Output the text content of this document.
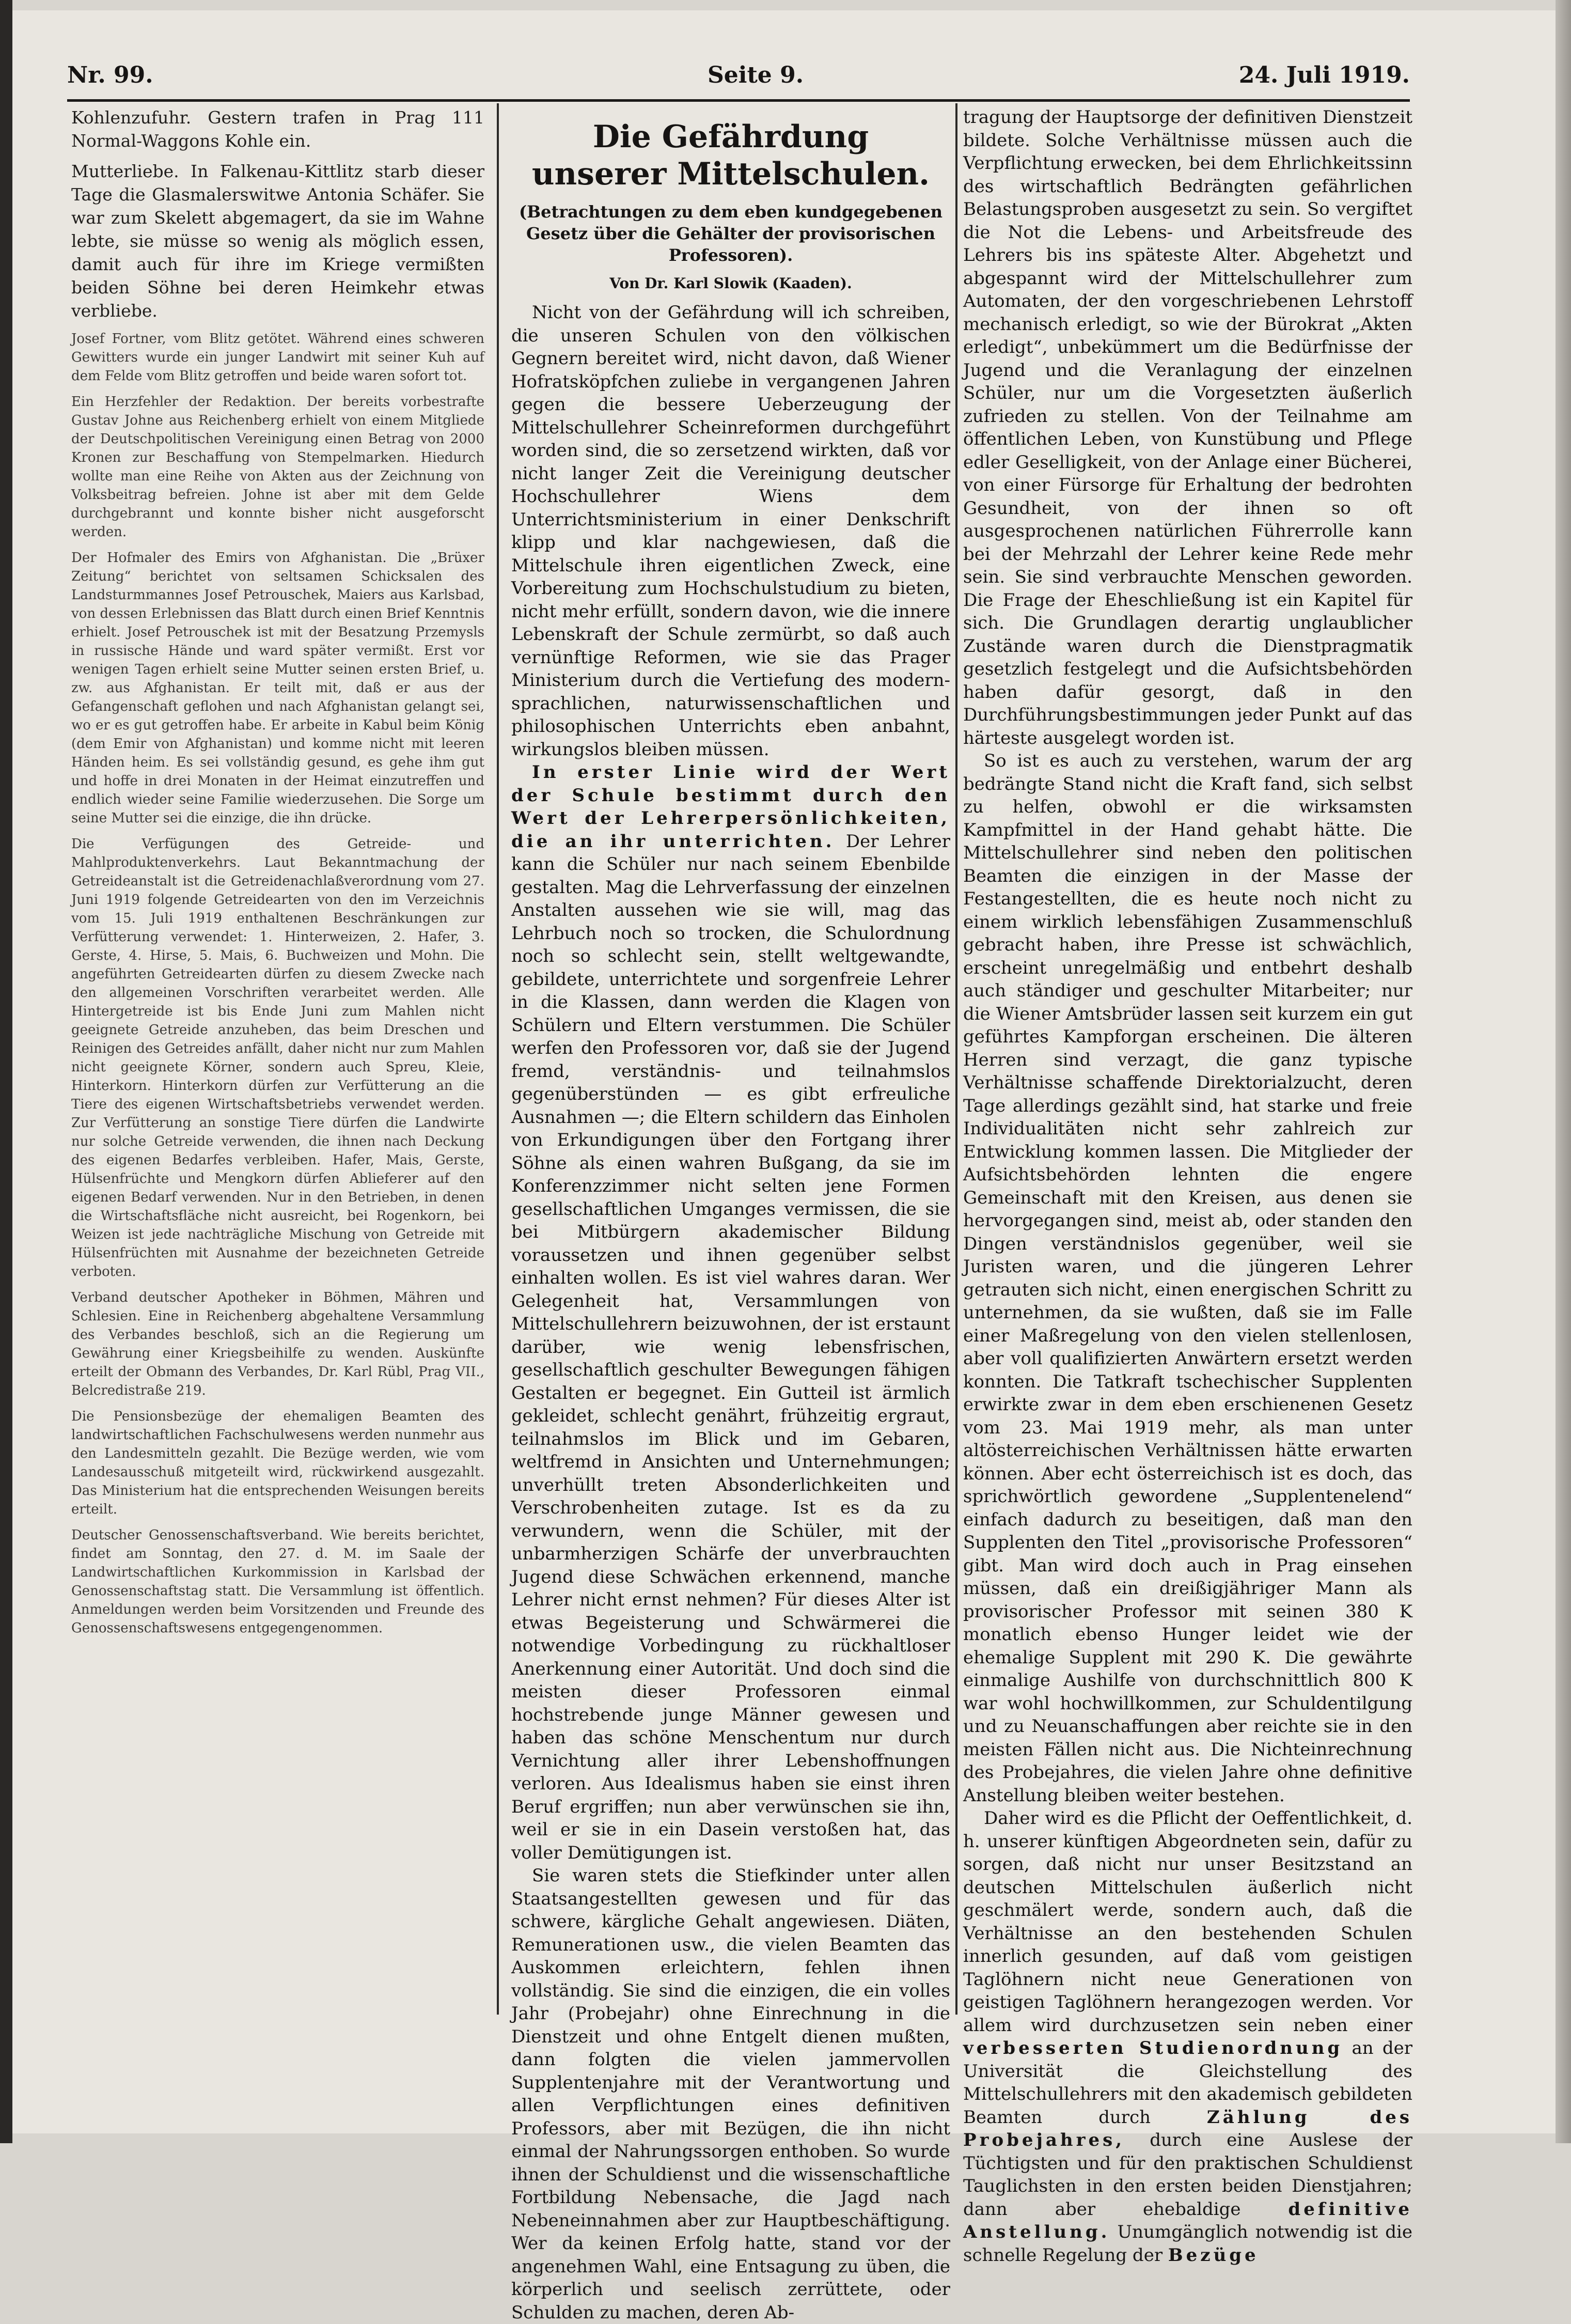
Nr. 99.	Seite 9.	24. Juli 1919.

Kohlenzufuhr. Gestern trafen in Prag 111 Normal-Waggons Kohle ein.

Mutterliebe. In Falkenau-Kittlitz starb dieser Tage die Glasmalerswitwe Antonia Schäfer. Sie war zum Skelett abgemagert, da sie im Wahne lebte, sie müsse so wenig als möglich essen, damit auch für ihre im Kriege vermißten beiden Söhne bei deren Heimkehr etwas verbliebe.

Josef Fortner, vom Blitz getötet. Während eines schweren Gewitters wurde ein junger Landwirt mit seiner Kuh auf dem Felde vom Blitz getroffen und beide waren sofort tot.

Ein Herzfehler der Redaktion. Der bereits vorbestrafte Gustav Johne aus Reichenberg erhielt von einem Mitgliede der Deutschpolitischen Vereinigung einen Betrag von 2000 Kronen zur Beschaffung von Stempelmarken. Hiedurch wollte man eine Reihe von Akten aus der Zeichnung von Volksbeitrag befreien. Johne ist aber mit dem Gelde durchgebrannt und konnte bisher nicht ausgeforscht werden.

Der Hofmaler des Emirs von Afghanistan. Die „Brüxer Zeitung“ berichtet von seltsamen Schicksalen des Landsturmmannes Josef Petrouschek, Maiers aus Karlsbad, von dessen Erlebnissen das Blatt durch einen Brief Kenntnis erhielt. Josef Petrouschek ist mit der Besatzung Przemysls in russische Hände und ward später vermißt. Erst vor wenigen Tagen erhielt seine Mutter seinen ersten Brief, u. zw. aus Afghanistan. Er teilt mit, daß er aus der Gefangenschaft geflohen und nach Afghanistan gelangt sei, wo er es gut getroffen habe. Er arbeite in Kabul beim König (dem Emir von Afghanistan) und komme nicht mit leeren Händen heim. Es sei vollständig gesund, es gehe ihm gut und hoffe in drei Monaten in der Heimat einzutreffen und endlich wieder seine Familie wiederzusehen. Die Sorge um seine Mutter sei die einzige, die ihn drücke.

Die Verfügungen des Getreide- und Mahlproduktenverkehrs. Laut Bekanntmachung der Getreideanstalt ist die Getreidenachlaßverordnung vom 27. Juni 1919 folgende Getreidearten von den im Verzeichnis vom 15. Juli 1919 enthaltenen Beschränkungen zur Verfütterung verwendet: 1. Hinterweizen, 2. Hafer, 3. Gerste, 4. Hirse, 5. Mais, 6. Buchweizen und Mohn. Die angeführten Getreidearten dürfen zu diesem Zwecke nach den allgemeinen Vorschriften verarbeitet werden. Alle Hintergetreide ist bis Ende Juni zum Mahlen nicht geeignete Getreide anzuheben, das beim Dreschen und Reinigen des Getreides anfällt, daher nicht nur zum Mahlen nicht geeignete Körner, sondern auch Spreu, Kleie, Hinterkorn. Hinterkorn dürfen zur Verfütterung an die Tiere des eigenen Wirtschaftsbetriebs verwendet werden. Zur Verfütterung an sonstige Tiere dürfen die Landwirte nur solche Getreide verwenden, die ihnen nach Deckung des eigenen Bedarfes verbleiben. Hafer, Mais, Gerste, Hülsenfrüchte und Mengkorn dürfen Ablieferer auf den eigenen Bedarf verwenden. Nur in den Betrieben, in denen die Wirtschaftsfläche nicht ausreicht, bei Rogenkorn, bei Weizen ist jede nachträgliche Mischung von Getreide mit Hülsenfrüchten mit Ausnahme der bezeichneten Getreide verboten.

Verband deutscher Apotheker in Böhmen, Mähren und Schlesien. Eine in Reichenberg abgehaltene Versammlung des Verbandes beschloß, sich an die Regierung um Gewährung einer Kriegsbeihilfe zu wenden. Auskünfte erteilt der Obmann des Verbandes, Dr. Karl Rübl, Prag VII., Belcredistraße 219.

Die Pensionsbezüge der ehemaligen Beamten des landwirtschaftlichen Fachschulwesens werden nunmehr aus den Landesmitteln gezahlt. Die Bezüge werden, wie vom Landesausschuß mitgeteilt wird, rückwirkend ausgezahlt. Das Ministerium hat die entsprechenden Weisungen bereits erteilt.

Deutscher Genossenschaftsverband. Wie bereits berichtet, findet am Sonntag, den 27. d. M. im Saale der Landwirtschaftlichen Kurkommission in Karlsbad der Genossenschaftstag statt. Die Versammlung ist öffentlich. Anmeldungen werden beim Vorsitzenden und Freunde des Genossenschaftswesens entgegengenommen.

Die Gefährdung
unserer Mittelschulen.
(Betrachtungen zu dem eben kundgegebenen Gesetz über die Gehälter der provisorischen Professoren).
Von Dr. Karl Slowik (Kaaden).

Nicht von der Gefährdung will ich schreiben, die unseren Schulen von den völkischen Gegnern bereitet wird, nicht davon, daß Wiener Hofratsköpfchen zuliebe in vergangenen Jahren gegen die bessere Ueberzeugung der Mittelschullehrer Scheinreformen durchgeführt worden sind, die so zersetzend wirkten, daß vor nicht langer Zeit die Vereinigung deutscher Hochschullehrer Wiens dem Unterrichtsministerium in einer Denkschrift klipp und klar nachgewiesen, daß die Mittelschule ihren eigentlichen Zweck, eine Vorbereitung zum Hochschulstudium zu bieten, nicht mehr erfüllt, sondern davon, wie die innere Lebenskraft der Schule zermürbt, so daß auch vernünftige Reformen, wie sie das Prager Ministerium durch die Vertiefung des modern-sprachlichen, naturwissenschaftlichen und philosophischen Unterrichts eben anbahnt, wirkungslos bleiben müssen.

In erster Linie wird der Wert der Schule bestimmt durch den Wert der Lehrerpersönlichkeiten, die an ihr unterrichten. Der Lehrer kann die Schüler nur nach seinem Ebenbilde gestalten. Mag die Lehrverfassung der einzelnen Anstalten aussehen wie sie will, mag das Lehrbuch noch so trocken, die Schulordnung noch so schlecht sein, stellt weltgewandte, gebildete, unterrichtete und sorgenfreie Lehrer in die Klassen, dann werden die Klagen von Schülern und Eltern verstummen. Die Schüler werfen den Professoren vor, daß sie der Jugend fremd, verständnis- und teilnahmslos gegenüberstünden — es gibt erfreuliche Ausnahmen —; die Eltern schildern das Einholen von Erkundigungen über den Fortgang ihrer Söhne als einen wahren Bußgang, da sie im Konferenzzimmer nicht selten jene Formen gesellschaftlichen Umganges vermissen, die sie bei Mitbürgern akademischer Bildung voraussetzen und ihnen gegenüber selbst einhalten wollen. Es ist viel wahres daran. Wer Gelegenheit hat, Versammlungen von Mittelschullehrern beizuwohnen, der ist erstaunt darüber, wie wenig lebensfrischen, gesellschaftlich geschulter Bewegungen fähigen Gestalten er begegnet. Ein Gutteil ist ärmlich gekleidet, schlecht genährt, frühzeitig ergraut, teilnahmslos im Blick und im Gebaren, weltfremd in Ansichten und Unternehmungen; unverhüllt treten Absonderlichkeiten und Verschrobenheiten zutage. Ist es da zu verwundern, wenn die Schüler, mit der unbarmherzigen Schärfe der unverbrauchten Jugend diese Schwächen erkennend, manche Lehrer nicht ernst nehmen? Für dieses Alter ist etwas Begeisterung und Schwärmerei die notwendige Vorbedingung zu rückhaltloser Anerkennung einer Autorität. Und doch sind die meisten dieser Professoren einmal hochstrebende junge Männer gewesen und haben das schöne Menschentum nur durch Vernichtung aller ihrer Lebenshoffnungen verloren. Aus Idealismus haben sie einst ihren Beruf ergriffen; nun aber verwünschen sie ihn, weil er sie in ein Dasein verstoßen hat, das voller Demütigungen ist.

Sie waren stets die Stiefkinder unter allen Staatsangestellten gewesen und für das schwere, kärgliche Gehalt angewiesen. Diäten, Remunerationen usw., die vielen Beamten das Auskommen erleichtern, fehlen ihnen vollständig. Sie sind die einzigen, die ein volles Jahr (Probejahr) ohne Einrechnung in die Dienstzeit und ohne Entgelt dienen mußten, dann folgten die vielen jammervollen Supplentenjahre mit der Verantwortung und allen Verpflichtungen eines definitiven Professors, aber mit Bezügen, die ihn nicht einmal der Nahrungssorgen enthoben. So wurde ihnen der Schuldienst und die wissenschaftliche Fortbildung Nebensache, die Jagd nach Nebeneinnahmen aber zur Hauptbeschäftigung. Wer da keinen Erfolg hatte, stand vor der angenehmen Wahl, eine Entsagung zu üben, die körperlich und seelisch zerrüttete, oder Schulden zu machen, deren Ab-

tragung der Hauptsorge der definitiven Dienstzeit bildete. Solche Verhältnisse müssen auch die Verpflichtung erwecken, bei dem Ehrlichkeitssinn des wirtschaftlich Bedrängten gefährlichen Belastungsproben ausgesetzt zu sein. So vergiftet die Not die Lebens- und Arbeitsfreude des Lehrers bis ins späteste Alter. Abgehetzt und abgespannt wird der Mittelschullehrer zum Automaten, der den vorgeschriebenen Lehrstoff mechanisch erledigt, so wie der Bürokrat „Akten erledigt“, unbekümmert um die Bedürfnisse der Jugend und die Veranlagung der einzelnen Schüler, nur um die Vorgesetzten äußerlich zufrieden zu stellen. Von der Teilnahme am öffentlichen Leben, von Kunstübung und Pflege edler Geselligkeit, von der Anlage einer Bücherei, von einer Fürsorge für Erhaltung der bedrohten Gesundheit, von der ihnen so oft ausgesprochenen natürlichen Führerrolle kann bei der Mehrzahl der Lehrer keine Rede mehr sein. Sie sind verbrauchte Menschen geworden. Die Frage der Eheschließung ist ein Kapitel für sich. Die Grundlagen derartig unglaublicher Zustände waren durch die Dienstpragmatik gesetzlich festgelegt und die Aufsichtsbehörden haben dafür gesorgt, daß in den Durchführungsbestimmungen jeder Punkt auf das härteste ausgelegt worden ist.

So ist es auch zu verstehen, warum der arg bedrängte Stand nicht die Kraft fand, sich selbst zu helfen, obwohl er die wirksamsten Kampfmittel in der Hand gehabt hätte. Die Mittelschullehrer sind neben den politischen Beamten die einzigen in der Masse der Festangestellten, die es heute noch nicht zu einem wirklich lebensfähigen Zusammenschluß gebracht haben, ihre Presse ist schwächlich, erscheint unregelmäßig und entbehrt deshalb auch ständiger und geschulter Mitarbeiter; nur die Wiener Amtsbrüder lassen seit kurzem ein gut geführtes Kampforgan erscheinen. Die älteren Herren sind verzagt, die ganz typische Verhältnisse schaffende Direktorialzucht, deren Tage allerdings gezählt sind, hat starke und freie Individualitäten nicht sehr zahlreich zur Entwicklung kommen lassen. Die Mitglieder der Aufsichtsbehörden lehnten die engere Gemeinschaft mit den Kreisen, aus denen sie hervorgegangen sind, meist ab, oder standen den Dingen verständnislos gegenüber, weil sie Juristen waren, und die jüngeren Lehrer getrauten sich nicht, einen energischen Schritt zu unternehmen, da sie wußten, daß sie im Falle einer Maßregelung von den vielen stellenlosen, aber voll qualifizierten Anwärtern ersetzt werden konnten. Die Tatkraft tschechischer Supplenten erwirkte zwar in dem eben erschienenen Gesetz vom 23. Mai 1919 mehr, als man unter altösterreichischen Verhältnissen hätte erwarten können. Aber echt österreichisch ist es doch, das sprichwörtlich gewordene „Supplentenelend“ einfach dadurch zu beseitigen, daß man den Supplenten den Titel „provisorische Professoren“ gibt. Man wird doch auch in Prag einsehen müssen, daß ein dreißigjähriger Mann als provisorischer Professor mit seinen 380 K monatlich ebenso Hunger leidet wie der ehemalige Supplent mit 290 K. Die gewährte einmalige Aushilfe von durchschnittlich 800 K war wohl hochwillkommen, zur Schuldentilgung und zu Neuanschaffungen aber reichte sie in den meisten Fällen nicht aus. Die Nichteinrechnung des Probejahres, die vielen Jahre ohne definitive Anstellung bleiben weiter bestehen.

Daher wird es die Pflicht der Oeffentlichkeit, d. h. unserer künftigen Abgeordneten sein, dafür zu sorgen, daß nicht nur unser Besitzstand an deutschen Mittelschulen äußerlich nicht geschmälert werde, sondern auch, daß die Verhältnisse an den bestehenden Schulen innerlich gesunden, auf daß vom geistigen Taglöhnern nicht neue Generationen von geistigen Taglöhnern herangezogen werden. Vor allem wird durchzusetzen sein neben einer verbesserten Studienordnung an der Universität die Gleichstellung des Mittelschullehrers mit den akademisch gebildeten Beamten durch	Zählung des Probejahres, durch eine Auslese der Tüchtigsten und für den praktischen Schuldienst Tauglichsten in den ersten beiden Dienstjahren; dann aber ehebaldige	definitive Anstellung. Unumgänglich notwendig ist die schnelle Regelung der Bezüge
